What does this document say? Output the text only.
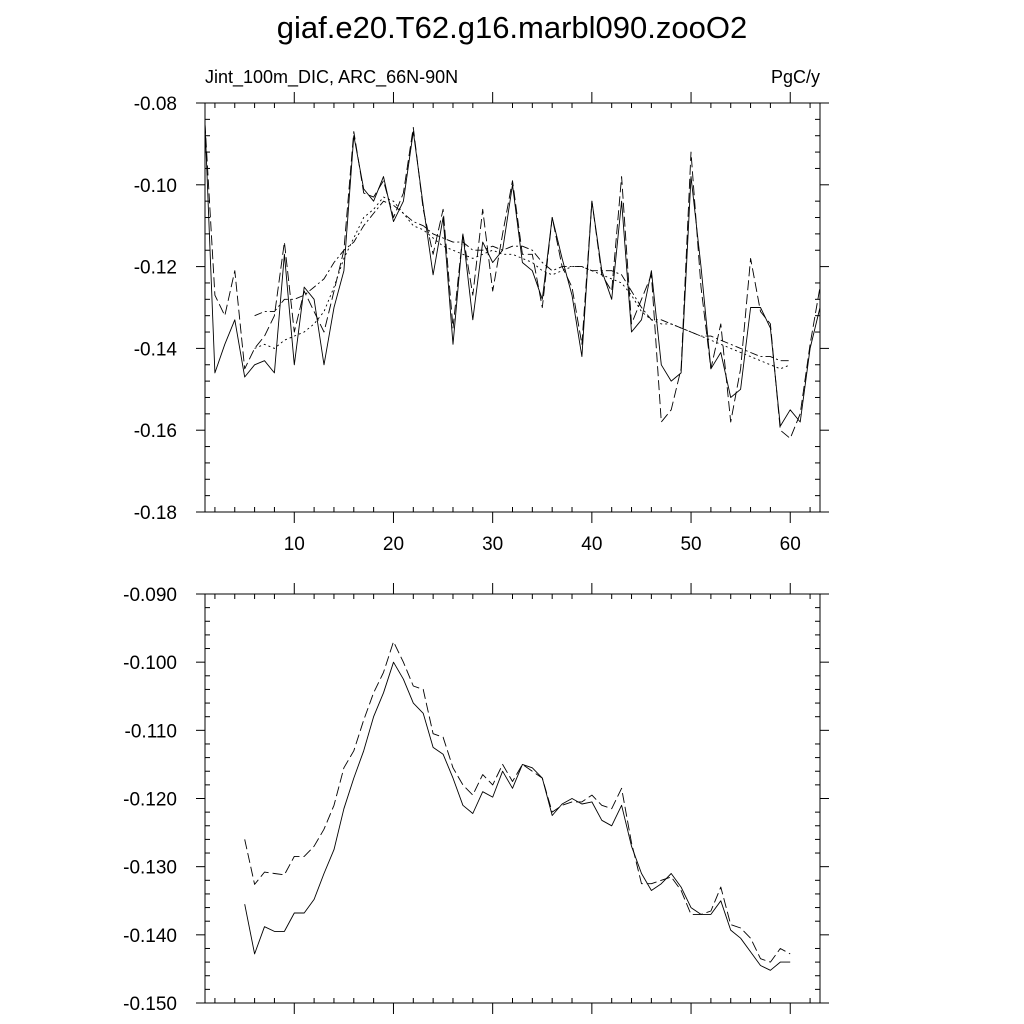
giaf.e20.T62.g16.marbl090.zooO2
Jint_100m_DIC, ARC_66N-90N	PgC/y
10	20	30	40	50	60
-0.18
-0.16
-0.14
-0.12
-0.10
-0.08
-0.150
-0.140
-0.130
-0.120
-0.110
-0.100
-0.090
